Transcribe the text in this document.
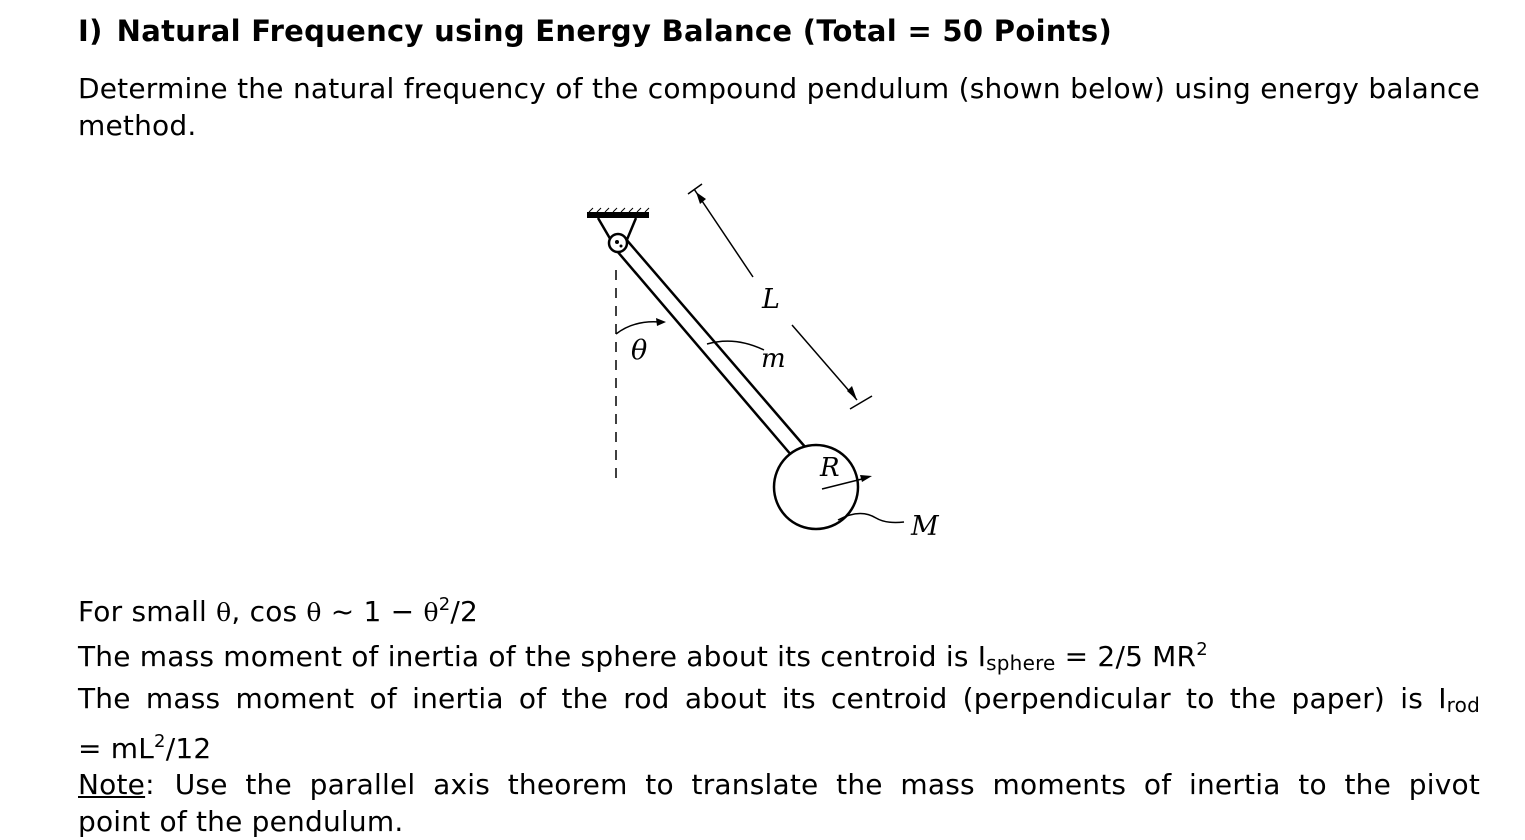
I) Natural Frequency using Energy Balance (Total = 50 Points)
Determine the natural frequency of the compound pendulum (shown below) using energy balance method.
L
θ	m
R
M
For small θ, cos θ ~ $1 - \theta^2/2$
The mass moment of inertia of the sphere about its centroid is $I_{sphere} = 2/5$ $MR^2$
The mass moment of inertia of the rod about its centroid (perpendicular to the paper) is $I_{rod}$
= $mL^2/12$
Note: Use the parallel axis theorem to translate the mass moments of inertia to the pivot
point of the pendulum.
